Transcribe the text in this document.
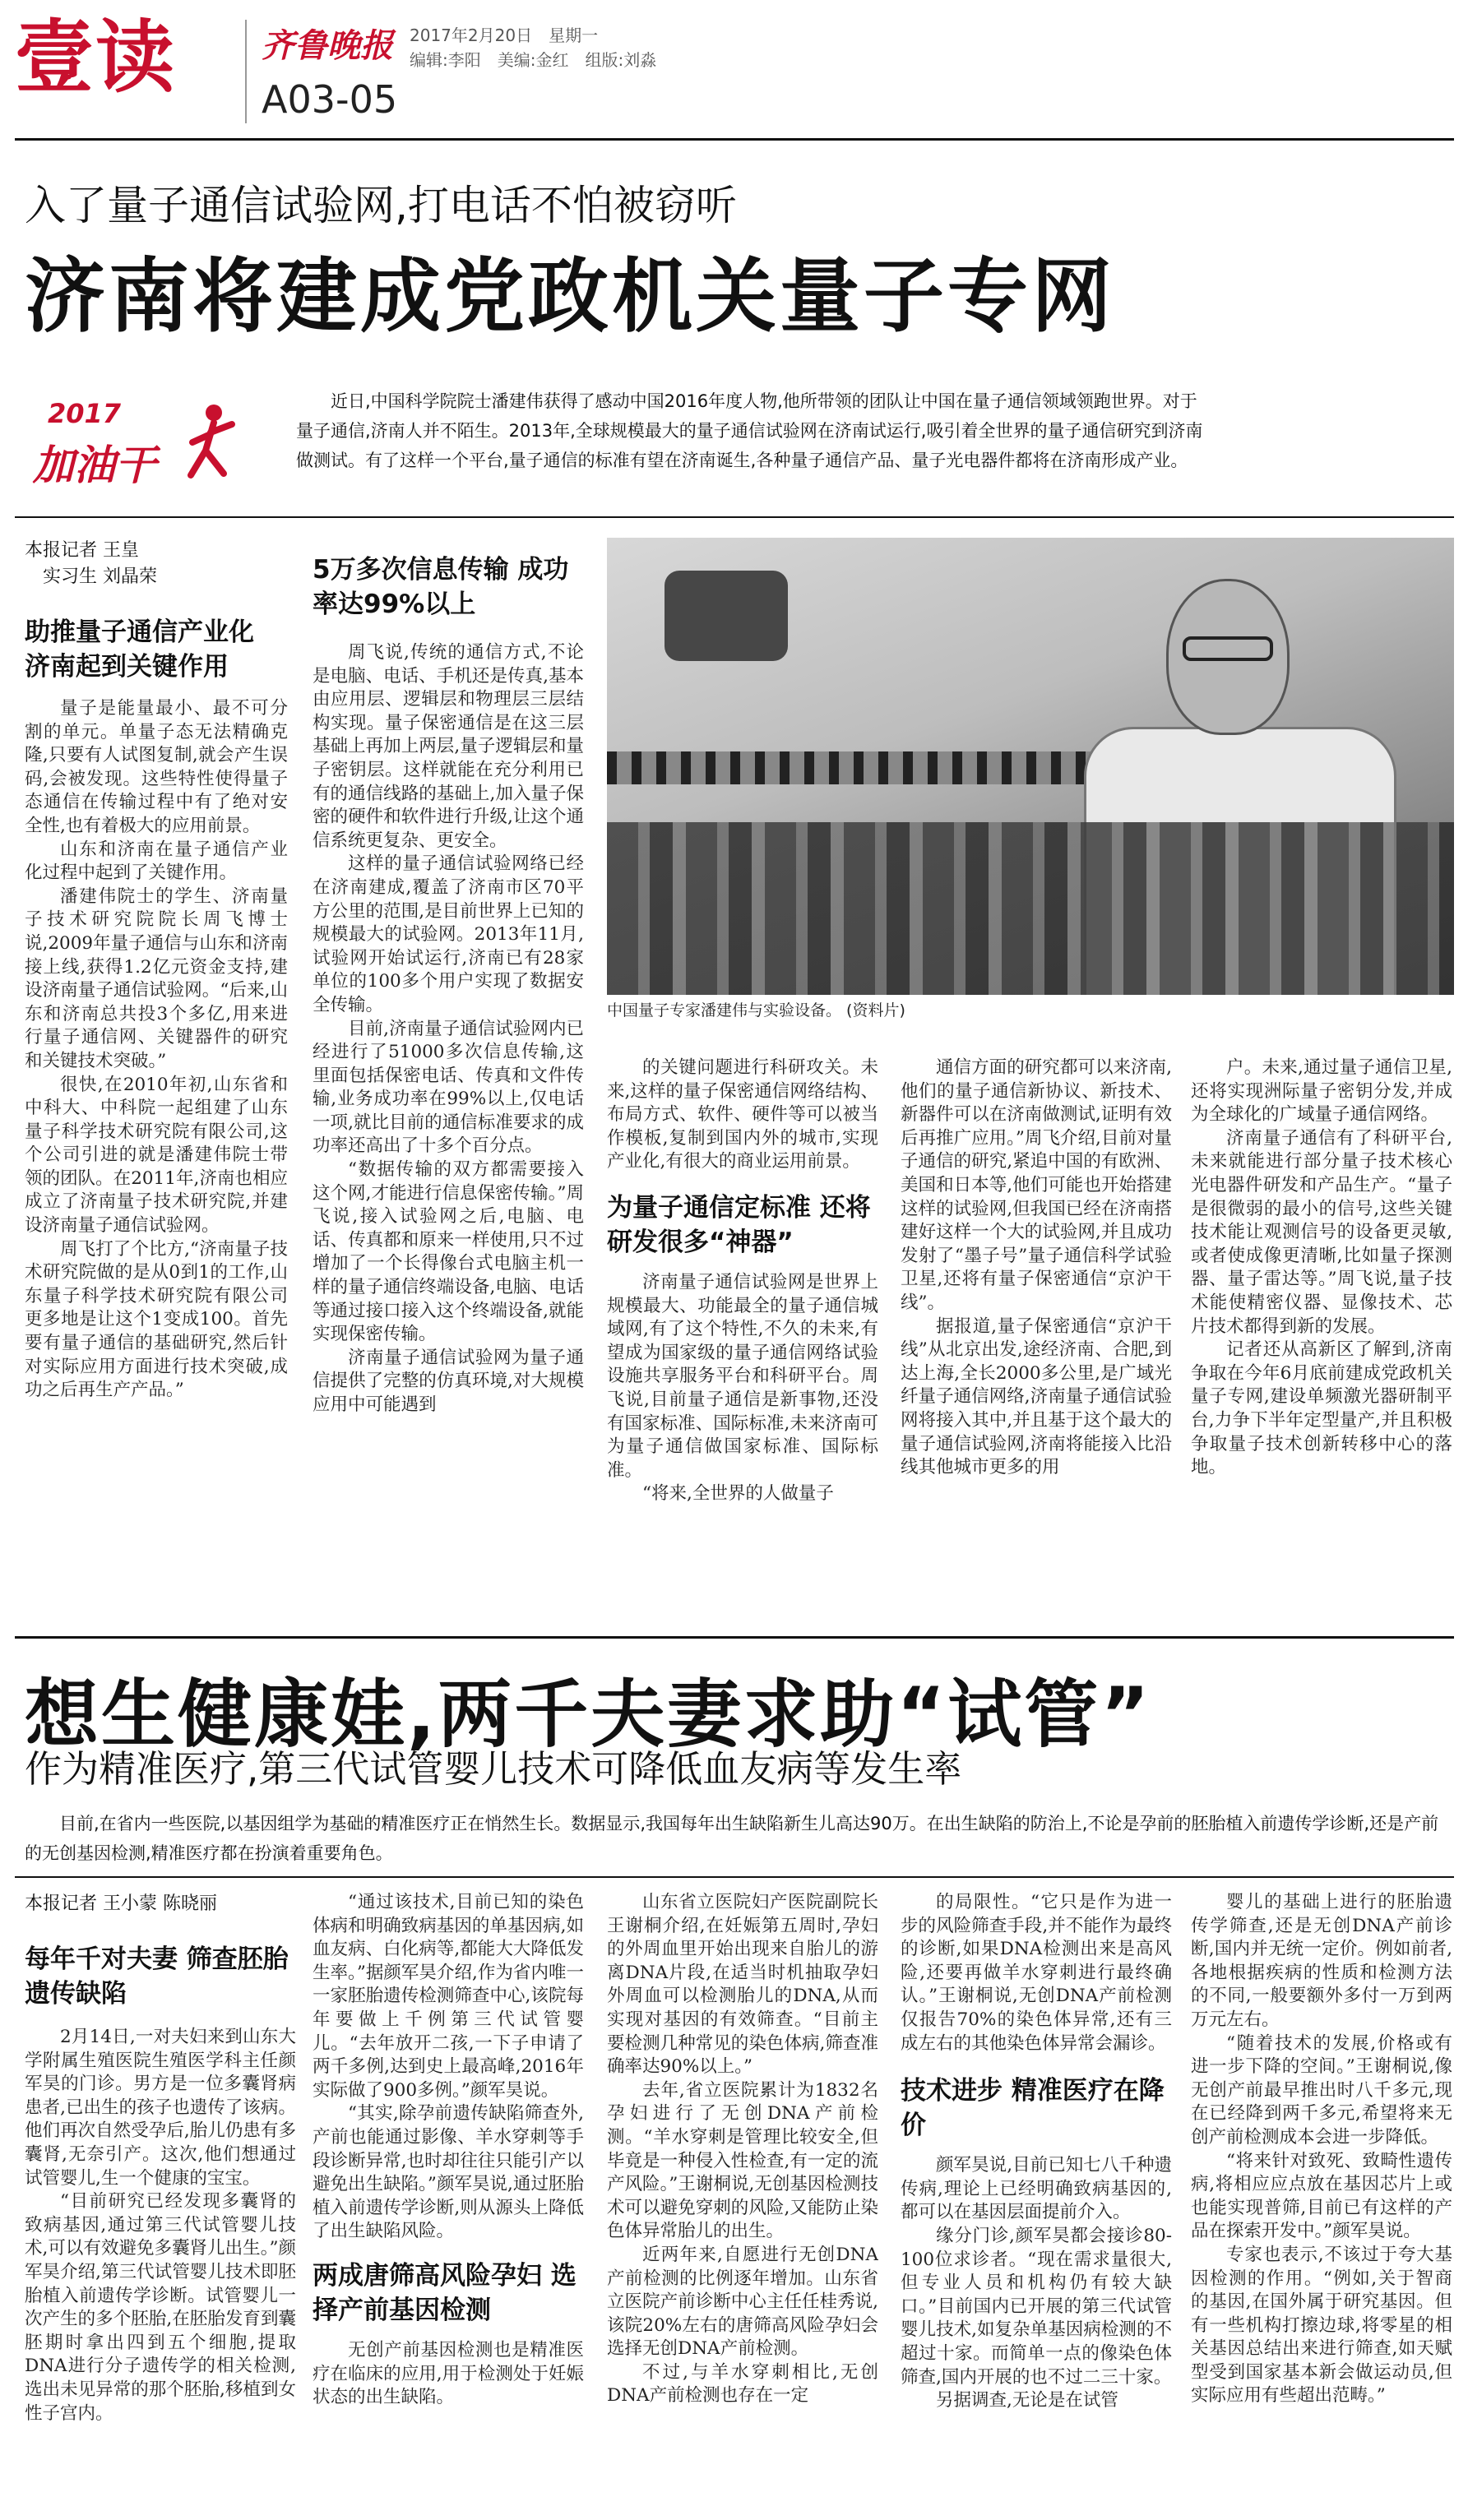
壹读	齐鲁晚报 2017年2月20日 星期一
编辑:李阳 美编:金红 组版:刘淼
A03-05
入了量子通信试验网,打电话不怕被窃听
济南将建成党政机关量子专网
2017
加油干
近日,中国科学院院士潘建伟获得了感动中国2016年度人物,他所带领的团队让中国在量子通信领域领跑世界。对于量子通信,济南人并不陌生。2013年,全球规模最大的量子通信试验网在济南试运行,吸引着全世界的量子通信研究到济南做测试。有了这样一个平台,量子通信的标准有望在济南诞生,各种量子通信产品、量子光电器件都将在济南形成产业。
本报记者 王皇
实习生 刘晶荣
助推量子通信产业化 济南起到关键作用

量子是能量最小、最不可分割的单元。单量子态无法精确克隆,只要有人试图复制,就会产生误码,会被发现。这些特性使得量子态通信在传输过程中有了绝对安全性,也有着极大的应用前景。

山东和济南在量子通信产业化过程中起到了关键作用。

潘建伟院士的学生、济南量子技术研究院院长周飞博士说,2009年量子通信与山东和济南接上线,获得1.2亿元资金支持,建设济南量子通信试验网。“后来,山东和济南总共投3个多亿,用来进行量子通信网、关键器件的研究和关键技术突破。”

很快,在2010年初,山东省和中科大、中科院一起组建了山东量子科学技术研究院有限公司,这个公司引进的就是潘建伟院士带领的团队。在2011年,济南也相应成立了济南量子技术研究院,并建设济南量子通信试验网。

周飞打了个比方,“济南量子技术研究院做的是从0到1的工作,山东量子科学技术研究院有限公司更多地是让这个1变成100。首先要有量子通信的基础研究,然后针对实际应用方面进行技术突破,成功之后再生产产品。”

5万多次信息传输 成功率达99%以上

周飞说,传统的通信方式,不论是电脑、电话、手机还是传真,基本由应用层、逻辑层和物理层三层结构实现。量子保密通信是在这三层基础上再加上两层,量子逻辑层和量子密钥层。这样就能在充分利用已有的通信线路的基础上,加入量子保密的硬件和软件进行升级,让这个通信系统更复杂、更安全。

这样的量子通信试验网络已经在济南建成,覆盖了济南市区70平方公里的范围,是目前世界上已知的规模最大的试验网。2013年11月,试验网开始试运行,济南已有28家单位的100多个用户实现了数据安全传输。

目前,济南量子通信试验网内已经进行了51000多次信息传输,这里面包括保密电话、传真和文件传输,业务成功率在99%以上,仅电话一项,就比目前的通信标准要求的成功率还高出了十多个百分点。

“数据传输的双方都需要接入这个网,才能进行信息保密传输。”周飞说,接入试验网之后,电脑、电话、传真都和原来一样使用,只不过增加了一个长得像台式电脑主机一样的量子通信终端设备,电脑、电话等通过接口接入这个终端设备,就能实现保密传输。

济南量子通信试验网为量子通信提供了完整的仿真环境,对大规模应用中可能遇到

中国量子专家潘建伟与实验设备。 (资料片)

的关键问题进行科研攻关。未来,这样的量子保密通信网络结构、布局方式、软件、硬件等可以被当作模板,复制到国内外的城市,实现产业化,有很大的商业运用前景。

为量子通信定标准 还将研发很多“神器”

济南量子通信试验网是世界上规模最大、功能最全的量子通信城域网,有了这个特性,不久的未来,有望成为国家级的量子通信网络试验设施共享服务平台和科研平台。周飞说,目前量子通信是新事物,还没有国家标准、国际标准,未来济南可为量子通信做国家标准、国际标准。

“将来,全世界的人做量子

通信方面的研究都可以来济南,他们的量子通信新协议、新技术、新器件可以在济南做测试,证明有效后再推广应用。”周飞介绍,目前对量子通信的研究,紧追中国的有欧洲、美国和日本等,他们可能也开始搭建这样的试验网,但我国已经在济南搭建好这样一个大的试验网,并且成功发射了“墨子号”量子通信科学试验卫星,还将有量子保密通信“京沪干线”。

据报道,量子保密通信“京沪干线”从北京出发,途经济南、合肥,到达上海,全长2000多公里,是广域光纤量子通信网络,济南量子通信试验网将接入其中,并且基于这个最大的量子通信试验网,济南将能接入比沿线其他城市更多的用

户。未来,通过量子通信卫星,还将实现洲际量子密钥分发,并成为全球化的广域量子通信网络。

济南量子通信有了科研平台,未来就能进行部分量子技术核心光电器件研发和产品生产。“量子是很微弱的最小的信号,这些关键技术能让观测信号的设备更灵敏,或者使成像更清晰,比如量子探测器、量子雷达等。”周飞说,量子技术能使精密仪器、显像技术、芯片技术都得到新的发展。

记者还从高新区了解到,济南争取在今年6月底前建成党政机关量子专网,建设单频激光器研制平台,力争下半年定型量产,并且积极争取量子技术创新转移中心的落地。

想生健康娃,两千夫妻求助“试管”
作为精准医疗,第三代试管婴儿技术可降低血友病等发生率
目前,在省内一些医院,以基因组学为基础的精准医疗正在悄然生长。数据显示,我国每年出生缺陷新生儿高达90万。在出生缺陷的防治上,不论是孕前的胚胎植入前遗传学诊断,还是产前的无创基因检测,精准医疗都在扮演着重要角色。
本报记者 王小蒙 陈晓丽
每年千对夫妻 筛查胚胎遗传缺陷

2月14日,一对夫妇来到山东大学附属生殖医院生殖医学科主任颜军昊的门诊。男方是一位多囊肾病患者,已出生的孩子也遗传了该病。他们再次自然受孕后,胎儿仍患有多囊肾,无奈引产。这次,他们想通过试管婴儿,生一个健康的宝宝。

“目前研究已经发现多囊肾的致病基因,通过第三代试管婴儿技术,可以有效避免多囊肾儿出生。”颜军昊介绍,第三代试管婴儿技术即胚胎植入前遗传学诊断。试管婴儿一次产生的多个胚胎,在胚胎发育到囊胚期时拿出四到五个细胞,提取DNA进行分子遗传学的相关检测,选出未见异常的那个胚胎,移植到女性子宫内。

“通过该技术,目前已知的染色体病和明确致病基因的单基因病,如血友病、白化病等,都能大大降低发生率。”据颜军昊介绍,作为省内唯一一家胚胎遗传检测筛查中心,该院每年要做上千例第三代试管婴儿。“去年放开二孩,一下子申请了两千多例,达到史上最高峰,2016年实际做了900多例。”颜军昊说。

“其实,除孕前遗传缺陷筛查外,产前也能通过影像、羊水穿刺等手段诊断异常,也时却往往只能引产以避免出生缺陷。”颜军昊说,通过胚胎植入前遗传学诊断,则从源头上降低了出生缺陷风险。

两成唐筛高风险孕妇 选择产前基因检测

无创产前基因检测也是精准医疗在临床的应用,用于检测处于妊娠状态的出生缺陷。

山东省立医院妇产医院副院长王谢桐介绍,在妊娠第五周时,孕妇的外周血里开始出现来自胎儿的游离DNA片段,在适当时机抽取孕妇外周血可以检测胎儿的DNA,从而实现对基因的有效筛查。“目前主要检测几种常见的染色体病,筛查准确率达90%以上。”

去年,省立医院累计为1832名孕妇进行了无创DNA产前检测。“羊水穿刺是管理比较安全,但毕竟是一种侵入性检查,有一定的流产风险。”王谢桐说,无创基因检测技术可以避免穿刺的风险,又能防止染色体异常胎儿的出生。

近两年来,自愿进行无创DNA产前检测的比例逐年增加。山东省立医院产前诊断中心主任任桂秀说,该院20%左右的唐筛高风险孕妇会选择无创DNA产前检测。

不过,与羊水穿刺相比,无创DNA产前检测也存在一定

的局限性。“它只是作为进一步的风险筛查手段,并不能作为最终的诊断,如果DNA检测出来是高风险,还要再做羊水穿刺进行最终确认。”王谢桐说,无创DNA产前检测仅报告70%的染色体异常,还有三成左右的其他染色体异常会漏诊。

技术进步 精准医疗在降价

颜军昊说,目前已知七八千种遗传病,理论上已经明确致病基因的,都可以在基因层面提前介入。

缘分门诊,颜军昊都会接诊80-100位求诊者。“现在需求量很大,但专业人员和机构仍有较大缺口。”目前国内已开展的第三代试管婴儿技术,如复杂单基因病检测的不超过十家。而简单一点的像染色体筛查,国内开展的也不过二三十家。

另据调查,无论是在试管

婴儿的基础上进行的胚胎遗传学筛查,还是无创DNA产前诊断,国内并无统一定价。例如前者,各地根据疾病的性质和检测方法的不同,一般要额外多付一万到两万元左右。

“随着技术的发展,价格或有进一步下降的空间。”王谢桐说,像无创产前最早推出时八千多元,现在已经降到两千多元,希望将来无创产前检测成本会进一步降低。

“将来针对致死、致畸性遗传病,将相应应点放在基因芯片上或也能实现普筛,目前已有这样的产品在探索开发中。”颜军昊说。

专家也表示,不该过于夸大基因检测的作用。“例如,关于智商的基因,在国外属于研究基因。但有一些机构打擦边球,将零星的相关基因总结出来进行筛查,如天赋型受到国家基本新会做运动员,但实际应用有些超出范畴。”
